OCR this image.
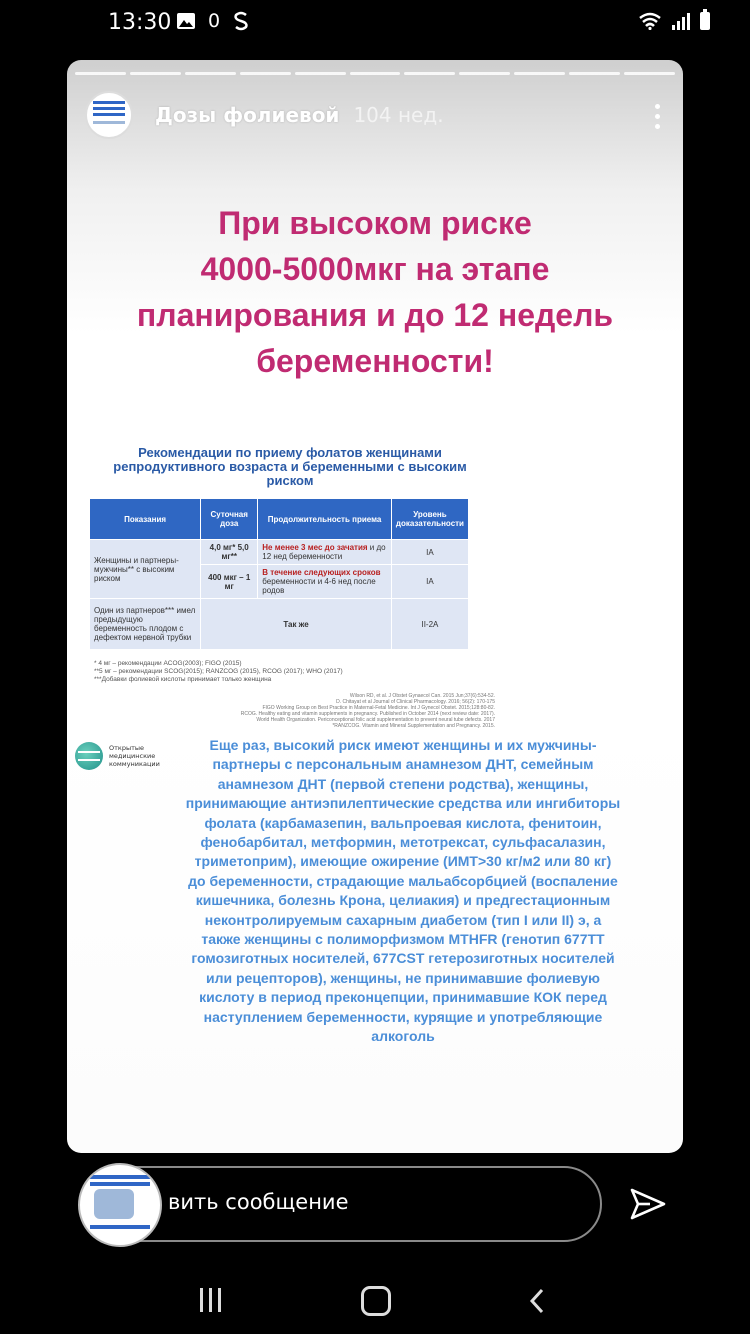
13:30 0
Дозы фолиевой 104 нед.
При высоком риске
4000-5000мкг на этапе
планирования и до 12 недель
беременности!
Рекомендации по приему фолатов женщинами репродуктивного возраста и беременными с высоким риском
Показания	Суточная доза	Продолжительность приема	Уровень доказательности
Женщины и партнеры-мужчины** с высоким риском	4,0 мг* 5,0 мг**	Не менее 3 мес до зачатия и до 12 нед беременности	IA
	400 мкг – 1 мг	В течение следующих сроков беременности и 4-6 нед после родов	IA
Один из партнеров*** имел предыдущую беременность плодом с дефектом нервной трубки	Так же		II-2A
* 4 мг – рекомендации ACOG(2003); FIGO (2015)
**5 мг – рекомендации SCOG(2015); RANZCOG (2015), RCOG (2017); WHO (2017)
***Добавки фолиевой кислоты принимает только женщина
Wilson RD, et al. J Obstet Gynaecol Can. 2015 Jun;37(6):534-52.
D. Chitayat et al Journal of Clinical Pharmacology. 2016; 56(2): 170-175
FIGO Working Group on Best Practice in Maternal-Fetal Medicine. Int J Gynecol Obstet. 2015;128:80-82.
RCOG. Healthy eating and vitamin supplements in pregnancy. Published in October 2014 (next review date: 2017).
World Health Organization. Periconceptional folic acid supplementation to prevent neural tube defects. 2017
*RANZCOG. Vitamin and Mineral Supplementation and Pregnancy. 2015.
Открытые медицинские коммуникации
Еще раз, высокий риск имеют женщины и их мужчины-партнеры с персональным анамнезом ДНТ, семейным анамнезом ДНТ (первой степени родства), женщины, принимающие антиэпилептические средства или ингибиторы фолата (карбамазепин, вальпроевая кислота, фенитоин, фенобарбитал, метформин, метотрексат, сульфасалазин, триметоприм), имеющие ожирение (ИМТ>30 кг/м2 или 80 кг) до беременности, страдающие мальабсорбцией (воспаление кишечника, болезнь Крона, целиакия) и предгестационным неконтролируемым сахарным диабетом (тип I или II) э, а также женщины с полиморфизмом MTHFR (генотип 677TT гомозиготных носителей, 677CST гетерозиготных носителей или рецепторов), женщины, не принимавшие фолиевую кислоту в период преконцепции, принимавшие КОК перед наступлением беременности, курящие и употребляющие алкоголь
вить сообщение
